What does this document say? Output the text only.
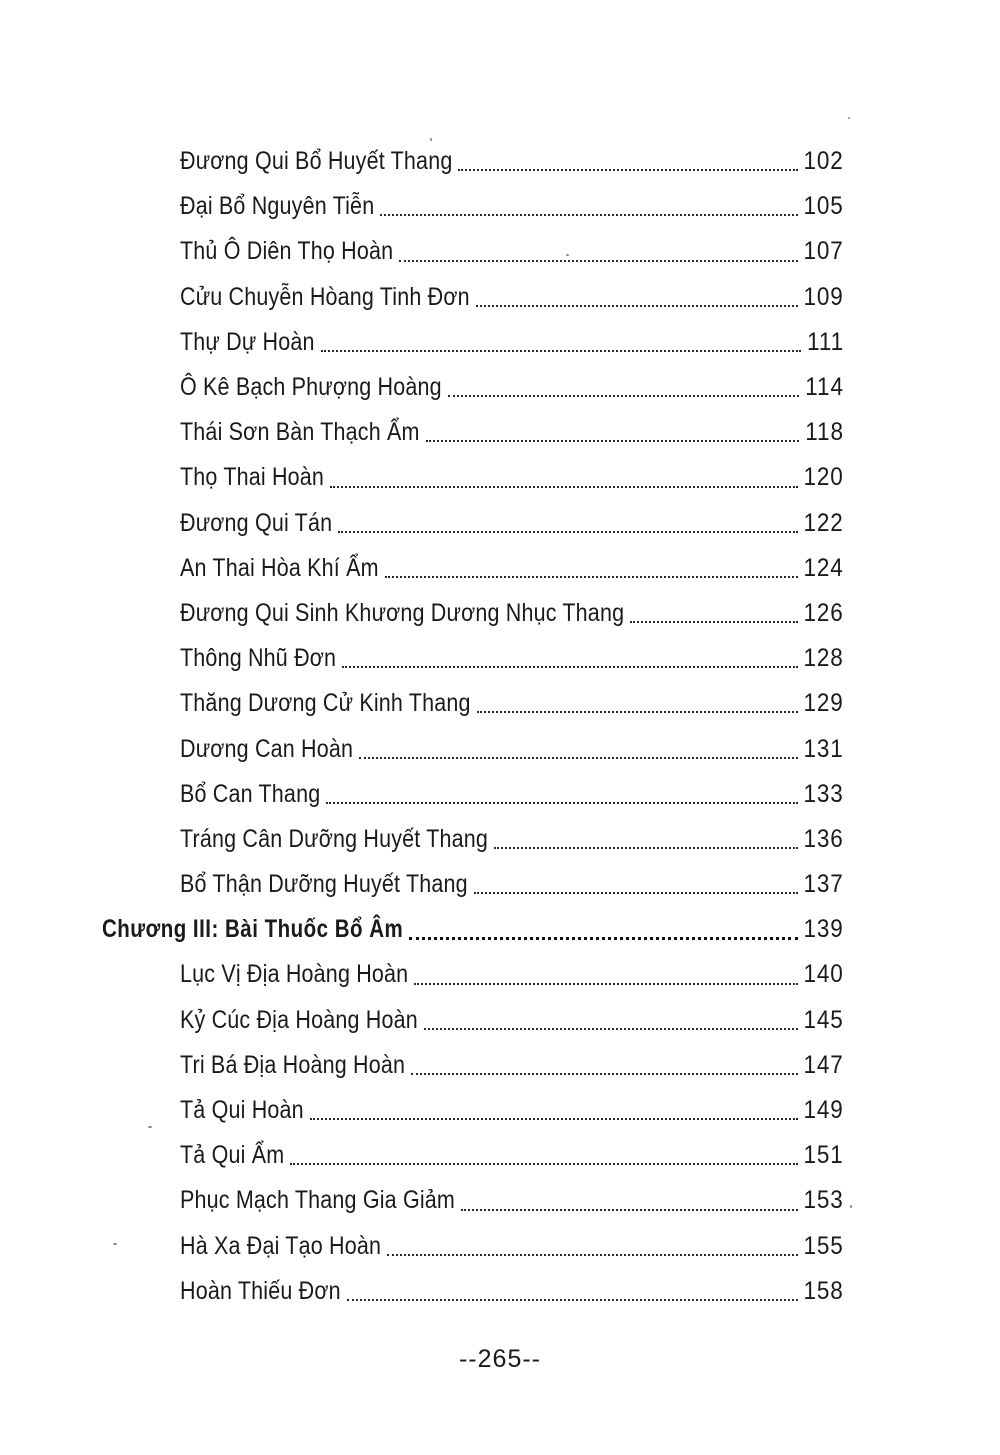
Đương Qui Bổ Huyết Thang	102
Đại Bổ Nguyên Tiễn	105
Thủ Ô Diên Thọ Hoàn	107
Cửu Chuyễn Hòang Tinh Đơn	109
Thự Dự Hoàn	111
Ô Kê Bạch Phượng Hoàng	114
Thái Sơn Bàn Thạch Ẩm	118
Thọ Thai Hoàn	120
Đương Qui Tán	122
An Thai Hòa Khí Ẩm	124
Đương Qui Sinh Khương Dương Nhục Thang	126
Thông Nhũ Đơn	128
Thăng Dương Cử Kinh Thang	129
Dương Can Hoàn	131
Bổ Can Thang	133
Tráng Cân Dưỡng Huyết Thang	136
Bổ Thận Dưỡng Huyết Thang	137
Chương III: Bài Thuốc Bổ Âm	139
Lục Vị Địa Hoàng Hoàn	140
Kỷ Cúc Địa Hoàng Hoàn	145
Tri Bá Địa Hoàng Hoàn	147
Tả Qui Hoàn	149
Tả Qui Ẩm	151
Phục Mạch Thang Gia Giảm	153
Hà Xa Đại Tạo Hoàn	155
Hoàn Thiếu Đơn	158
--265--
